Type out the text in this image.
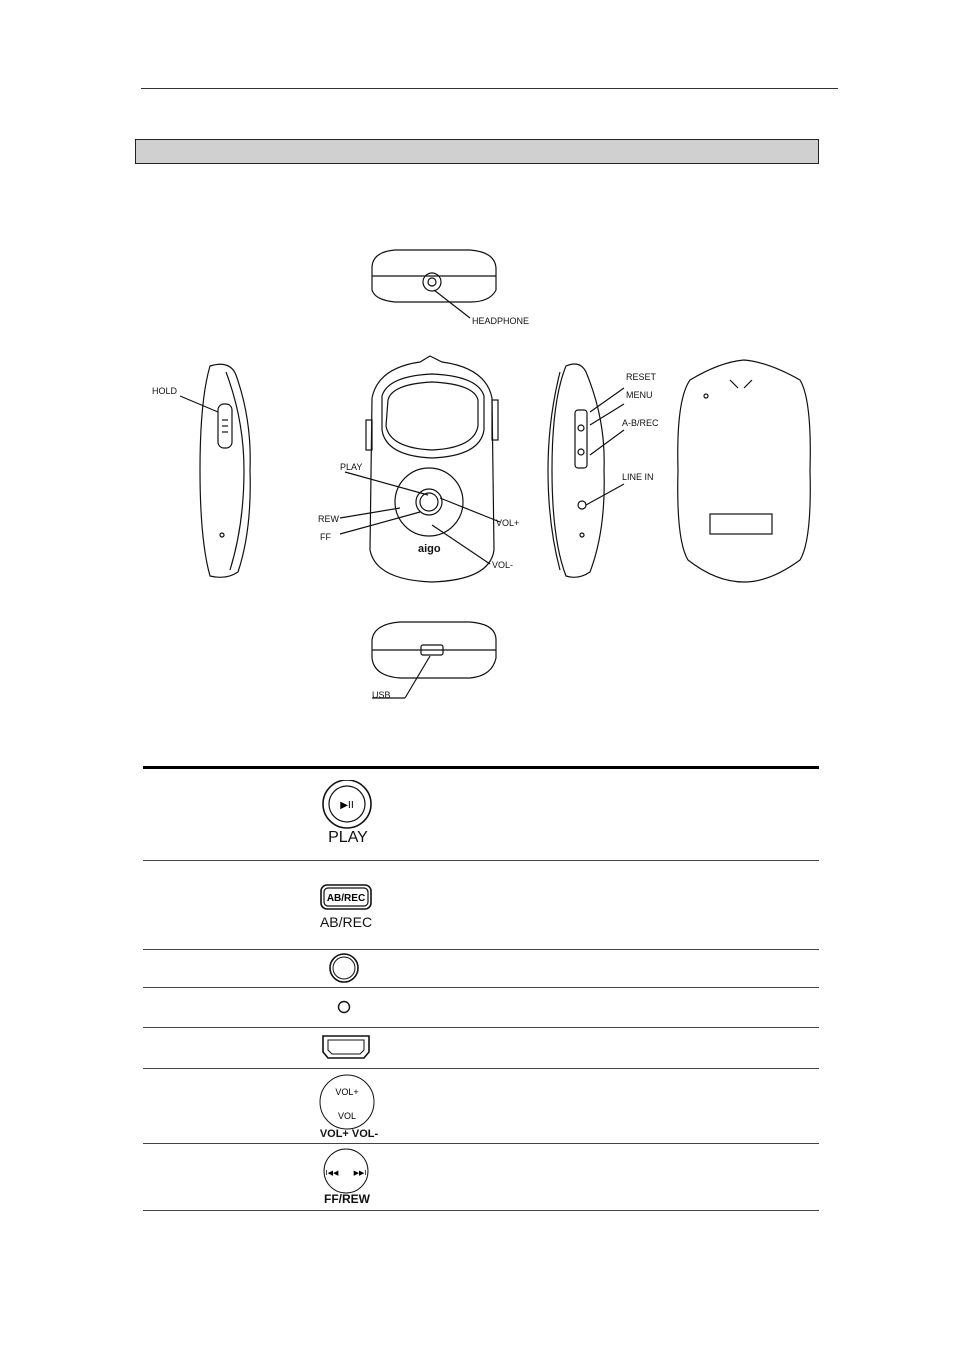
HEADPHONE
HOLD
PLAY
REW
FF
VOL+
VOL-
aigo
RESET
MENU
A-B/REC
LINE IN
USB
▶II
PLAY
AB/REC
AB/REC
VOL+
VOL
VOL+ VOL-
I◀◀ ▶▶I
FF/REW
